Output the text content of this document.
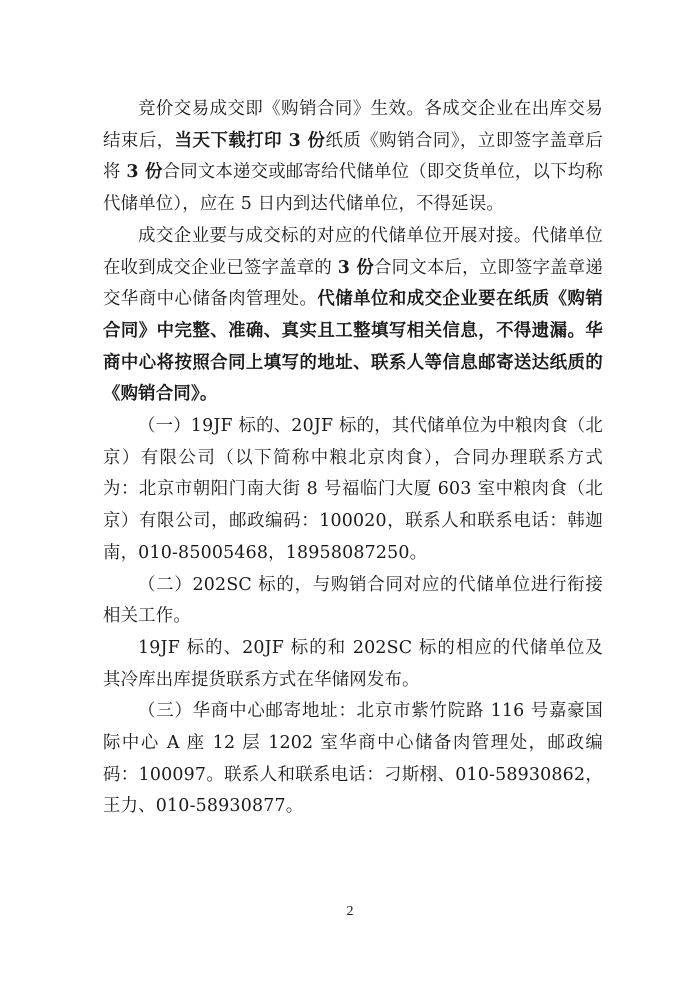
竞价交易成交即《购销合同》生效。各成交企业在出库交易结束后，当天下载打印 3 份纸质《购销合同》，立即签字盖章后将 3 份合同文本递交或邮寄给代储单位（即交货单位，以下均称代储单位），应在 5 日内到达代储单位，不得延误。

成交企业要与成交标的对应的代储单位开展对接。代储单位在收到成交企业已签字盖章的 3 份合同文本后，立即签字盖章递交华商中心储备肉管理处。代储单位和成交企业要在纸质《购销合同》中完整、准确、真实且工整填写相关信息，不得遗漏。华商中心将按照合同上填写的地址、联系人等信息邮寄送达纸质的《购销合同》。

（一）19JF 标的、20JF 标的，其代储单位为中粮肉食（北京）有限公司（以下简称中粮北京肉食），合同办理联系方式为：北京市朝阳门南大街 8 号福临门大厦 603 室中粮肉食（北京）有限公司，邮政编码：100020，联系人和联系电话：韩迦南，010-85005468，18958087250。

（二）202SC 标的，与购销合同对应的代储单位进行衔接相关工作。

19JF 标的、20JF 标的和 202SC 标的相应的代储单位及其冷库出库提货联系方式在华储网发布。

（三）华商中心邮寄地址：北京市紫竹院路 116 号嘉豪国际中心 A 座 12 层 1202 室华商中心储备肉管理处，邮政编码：100097。联系人和联系电话：刁斯栩、010-58930862，王力、010-58930877。

2
